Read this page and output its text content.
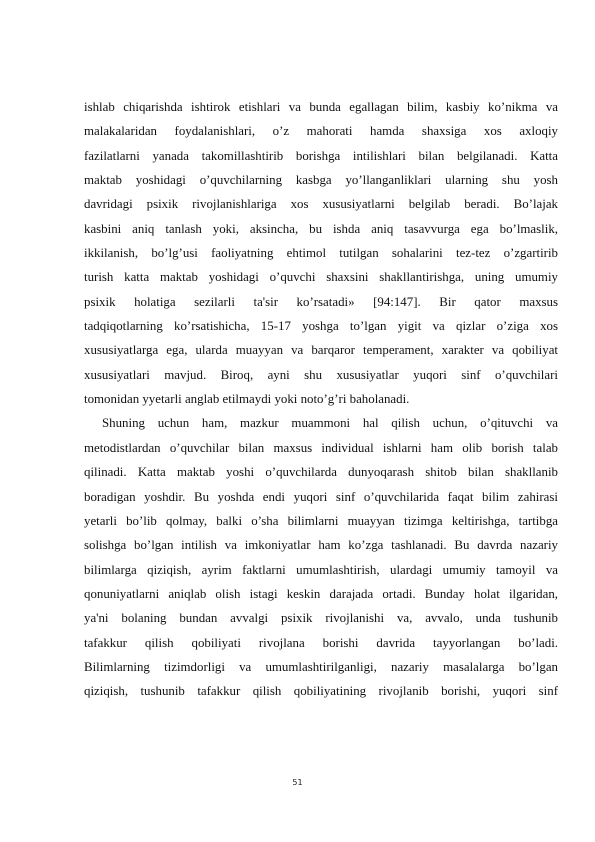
ishlab chiqarishda ishtirok etishlari va bunda egallagan bilim, kasbiy ko’nikma va
malakalaridan foydalanishlari, o’z mahorati hamda shaxsiga xos axloqiy
fazilatlarni yanada takomillashtirib borishga intilishlari bilan belgilanadi. Katta
maktab yoshidagi o’quvchilarning kasbga yo’llanganliklari ularning shu yosh
davridagi psixik rivojlanishlariga xos xususiyatlarni belgilab beradi. Bo’lajak
kasbini aniq tanlash yoki, aksincha, bu ishda aniq tasavvurga ega bo’lmaslik,
ikkilanish, bo’lg’usi faoliyatning ehtimol tutilgan sohalarini tez-tez o’zgartirib
turish katta maktab yoshidagi o’quvchi shaxsini shakllantirishga, uning umumiy
psixik holatiga sezilarli ta'sir ko’rsatadi» [94:147]. Bir qator maxsus
tadqiqotlarning ko’rsatishicha, 15-17 yoshga to’lgan yigit va qizlar o’ziga xos
xususiyatlarga ega, ularda muayyan va barqaror temperament, xarakter va qobiliyat
xususiyatlari mavjud. Biroq, ayni shu xususiyatlar yuqori sinf o’quvchilari
tomonidan yyetarli anglab etilmaydi yoki noto’g’ri baholanadi.
Shuning uchun ham, mazkur muammoni hal qilish uchun, o’qituvchi va
metodistlardan o’quvchilar bilan maxsus individual ishlarni ham olib borish talab
qilinadi. Katta maktab yoshi o’quvchilarda dunyoqarash shitob bilan shakllanib
boradigan yoshdir. Bu yoshda endi yuqori sinf o’quvchilarida faqat bilim zahirasi
yetarli bo’lib qolmay, balki o’sha bilimlarni muayyan tizimga keltirishga, tartibga
solishga bo’lgan intilish va imkoniyatlar ham ko’zga tashlanadi. Bu davrda nazariy
bilimlarga qiziqish, ayrim faktlarni umumlashtirish, ulardagi umumiy tamoyil va
qonuniyatlarni aniqlab olish istagi keskin darajada ortadi. Bunday holat ilgaridan,
ya'ni bolaning bundan avvalgi psixik rivojlanishi va, avvalo, unda tushunib
tafakkur qilish qobiliyati rivojlana borishi davrida tayyorlangan bo’ladi.
Bilimlarning tizimdorligi va umumlashtirilganligi, nazariy masalalarga bo’lgan
qiziqish, tushunib tafakkur qilish qobiliyatining rivojlanib borishi, yuqori sinf
51
